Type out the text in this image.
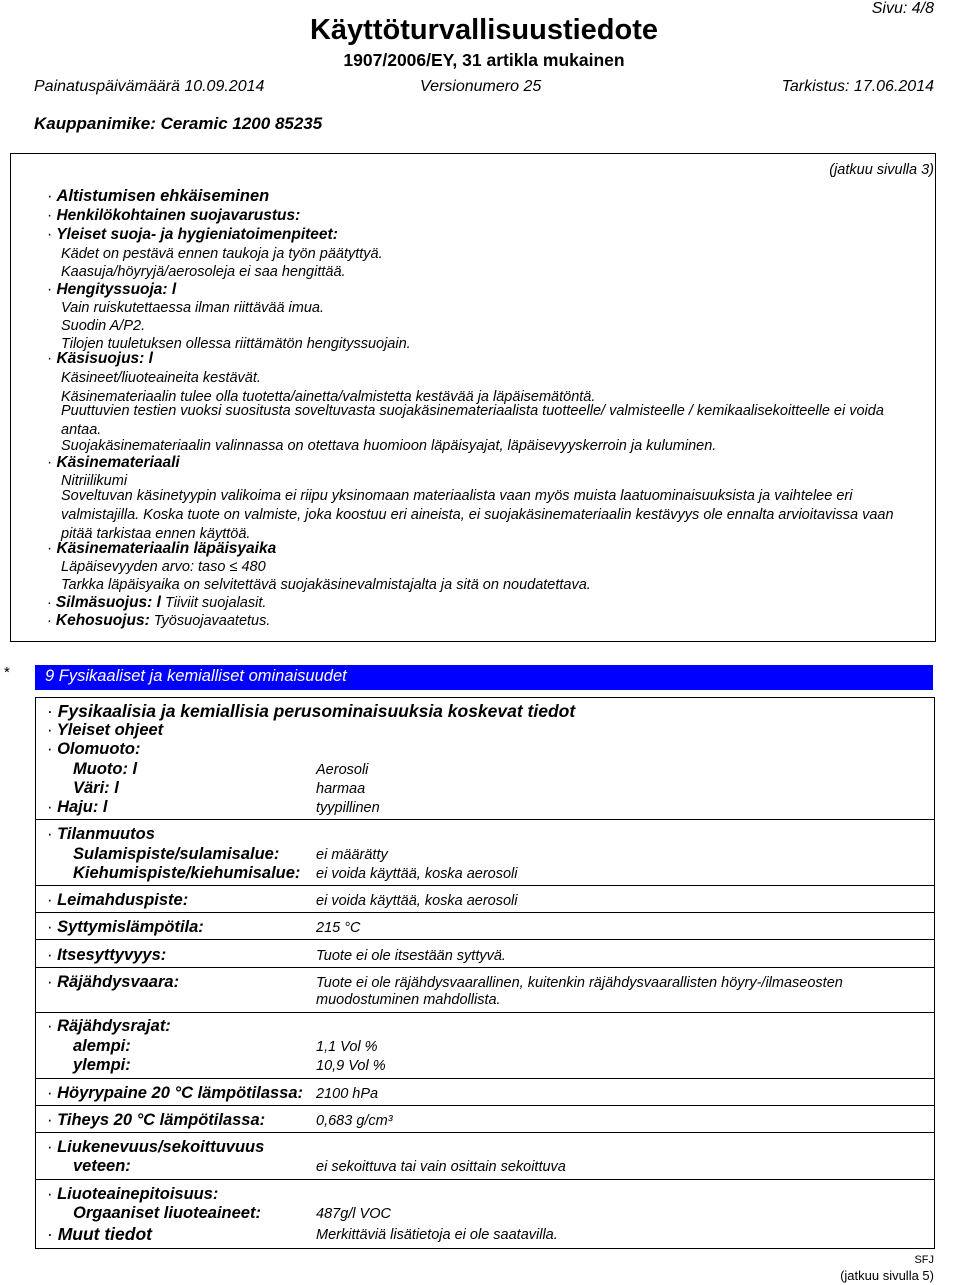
Sivu: 4/8
Käyttöturvallisuustiedote
1907/2006/EY, 31 artikla mukainen
Painatuspäivämäärä 10.09.2014	Versionumero 25	Tarkistus: 17.06.2014
Kauppanimike: Ceramic 1200 85235
(jatkuu sivulla 3)
· Altistumisen ehkäiseminen
· Henkilökohtainen suojavarustus:
· Yleiset suoja- ja hygieniatoimenpiteet:
Kädet on pestävä ennen taukoja ja työn päätyttyä.
Kaasuja/höyryjä/aerosoleja ei saa hengittää.
· Hengityssuoja: l
Vain ruiskutettaessa ilman riittävää imua.
Suodin A/P2.
Tilojen tuuletuksen ollessa riittämätön hengityssuojain.
· Käsisuojus: l
Käsineet/liuoteaineita kestävät.
Käsinemateriaalin tulee olla tuotetta/ainetta/valmistetta kestävää ja läpäisemätöntä.
Puuttuvien testien vuoksi suositusta soveltuvasta suojakäsinemateriaalista tuotteelle/ valmisteelle / kemikaalisekoitteelle ei voida antaa.
Suojakäsinemateriaalin valinnassa on otettava huomioon läpäisyajat, läpäisevyyskerroin ja kuluminen.
· Käsinemateriaali
Nitriilikumi
Soveltuvan käsinetyypin valikoima ei riipu yksinomaan materiaalista vaan myös muista laatuominaisuuksista ja vaihtelee eri valmistajilla. Koska tuote on valmiste, joka koostuu eri aineista, ei suojakäsinemateriaalin kestävyys ole ennalta arvioitavissa vaan pitää tarkistaa ennen käyttöä.
· Käsinemateriaalin läpäisyaika
Läpäisevyyden arvo: taso ≤ 480
Tarkka läpäisyaika on selvitettävä suojakäsinevalmistajalta ja sitä on noudatettava.
· Silmäsuojus: l Tiiviit suojalasit.
· Kehosuojus: Työsuojavaatetus.
* 9 Fysikaaliset ja kemialliset ominaisuudet
· Fysikaalisia ja kemiallisia perusominaisuuksia koskevat tiedot
· Yleiset ohjeet
· Olomuoto:
Muoto: l	Aerosoli
Väri: l	harmaa
· Haju: l	tyypillinen
· Tilanmuutos
Sulamispiste/sulamisalue:	ei määrätty
Kiehumispiste/kiehumisalue: ei voida käyttää, koska aerosoli
· Leimahduspiste:	ei voida käyttää, koska aerosoli
· Syttymislämpötila:	215 °C
· Itsesyttyvyys:	Tuote ei ole itsestään syttyvä.
· Räjähdysvaara:	Tuote ei ole räjähdysvaarallinen, kuitenkin räjähdysvaarallisten höyry-/ilmaseosten
muodostuminen mahdollista.
· Räjähdysrajat:
alempi:	1,1 Vol %
ylempi:	10,9 Vol %
· Höyrypaine 20 °C lämpötilassa: 2100 hPa
· Tiheys 20 °C lämpötilassa:	0,683 g/cm³
· Liukenevuus/sekoittuvuus
veteen:	ei sekoittuva tai vain osittain sekoittuva
· Liuoteainepitoisuus:
Orgaaniset liuoteaineet:	487g/l VOC
· Muut tiedot	Merkittäviä lisätietoja ei ole saatavilla.
SFJ
(jatkuu sivulla 5)
